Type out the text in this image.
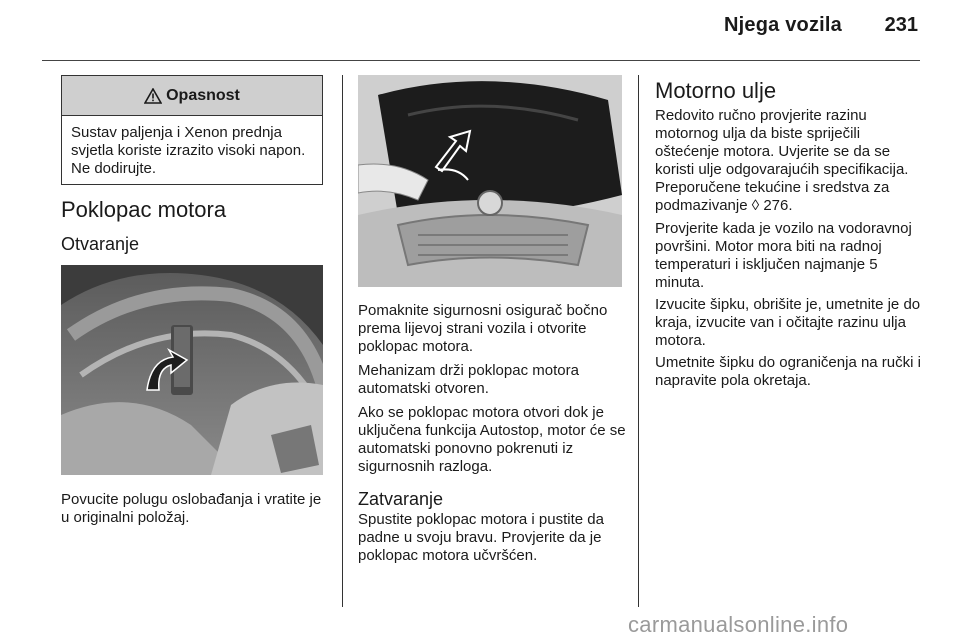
Njega vozila 231
Opasnost
Sustav paljenja i Xenon prednja svjetla koriste izrazito visoki napon. Ne dodirujte.
Poklopac motora
Otvaranje

Povucite polugu oslobađanja i vratite je u originalni položaj.

Pomaknite sigurnosni osigurač bočno prema lijevoj strani vozila i otvorite poklopac motora.

Mehanizam drži poklopac motora automatski otvoren.

Ako se poklopac motora otvori dok je uključena funkcija Autostop, motor će se automatski ponovno pokrenuti iz sigurnosnih razloga.

Zatvaranje

Spustite poklopac motora i pustite da padne u svoju bravu. Provjerite da je poklopac motora učvršćen.

Motorno ulje

Redovito ručno provjerite razinu motornog ulja da biste spriječili oštećenje motora. Uvjerite se da se koristi ulje odgovarajućih specifikacija. Preporučene tekućine i sredstva za podmazivanje ◊ 276.

Provjerite kada je vozilo na vodoravnoj površini. Motor mora biti na radnoj temperaturi i isključen najmanje 5 minuta.

Izvucite šipku, obrišite je, umetnite je do kraja, izvucite van i očitajte razinu ulja motora.

Umetnite šipku do ograničenja na ručki i napravite pola okretaja.

carmanualsonline.info
